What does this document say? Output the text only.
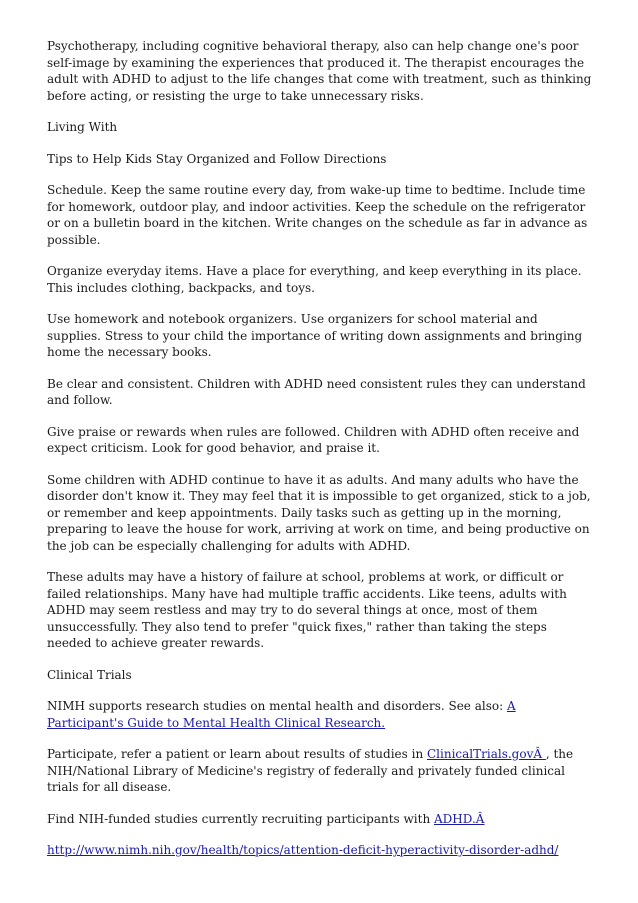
Psychotherapy, including cognitive behavioral therapy, also can help change one's poor self-image by examining the experiences that produced it. The therapist encourages the adult with ADHD to adjust to the life changes that come with treatment, such as thinking before acting, or resisting the urge to take unnecessary risks.

Living With

Tips to Help Kids Stay Organized and Follow Directions

Schedule. Keep the same routine every day, from wake-up time to bedtime. Include time for homework, outdoor play, and indoor activities. Keep the schedule on the refrigerator or on a bulletin board in the kitchen. Write changes on the schedule as far in advance as possible.

Organize everyday items. Have a place for everything, and keep everything in its place. This includes clothing, backpacks, and toys.

Use homework and notebook organizers. Use organizers for school material and supplies. Stress to your child the importance of writing down assignments and bringing home the necessary books.

Be clear and consistent. Children with ADHD need consistent rules they can understand and follow.

Give praise or rewards when rules are followed. Children with ADHD often receive and expect criticism. Look for good behavior, and praise it.

Some children with ADHD continue to have it as adults. And many adults who have the disorder don't know it. They may feel that it is impossible to get organized, stick to a job, or remember and keep appointments. Daily tasks such as getting up in the morning, preparing to leave the house for work, arriving at work on time, and being productive on the job can be especially challenging for adults with ADHD.

These adults may have a history of failure at school, problems at work, or difficult or failed relationships. Many have had multiple traffic accidents. Like teens, adults with ADHD may seem restless and may try to do several things at once, most of them unsuccessfully. They also tend to prefer "quick fixes," rather than taking the steps needed to achieve greater rewards.

Clinical Trials

NIMH supports research studies on mental health and disorders. See also: A Participant's Guide to Mental Health Clinical Research.

Participate, refer a patient or learn about results of studies in ClinicalTrials.govÂ , the NIH/National Library of Medicine's registry of federally and privately funded clinical trials for all disease.

Find NIH-funded studies currently recruiting participants with ADHD.Â

http://www.nimh.nih.gov/health/topics/attention-deficit-hyperactivity-disorder-adhd/
